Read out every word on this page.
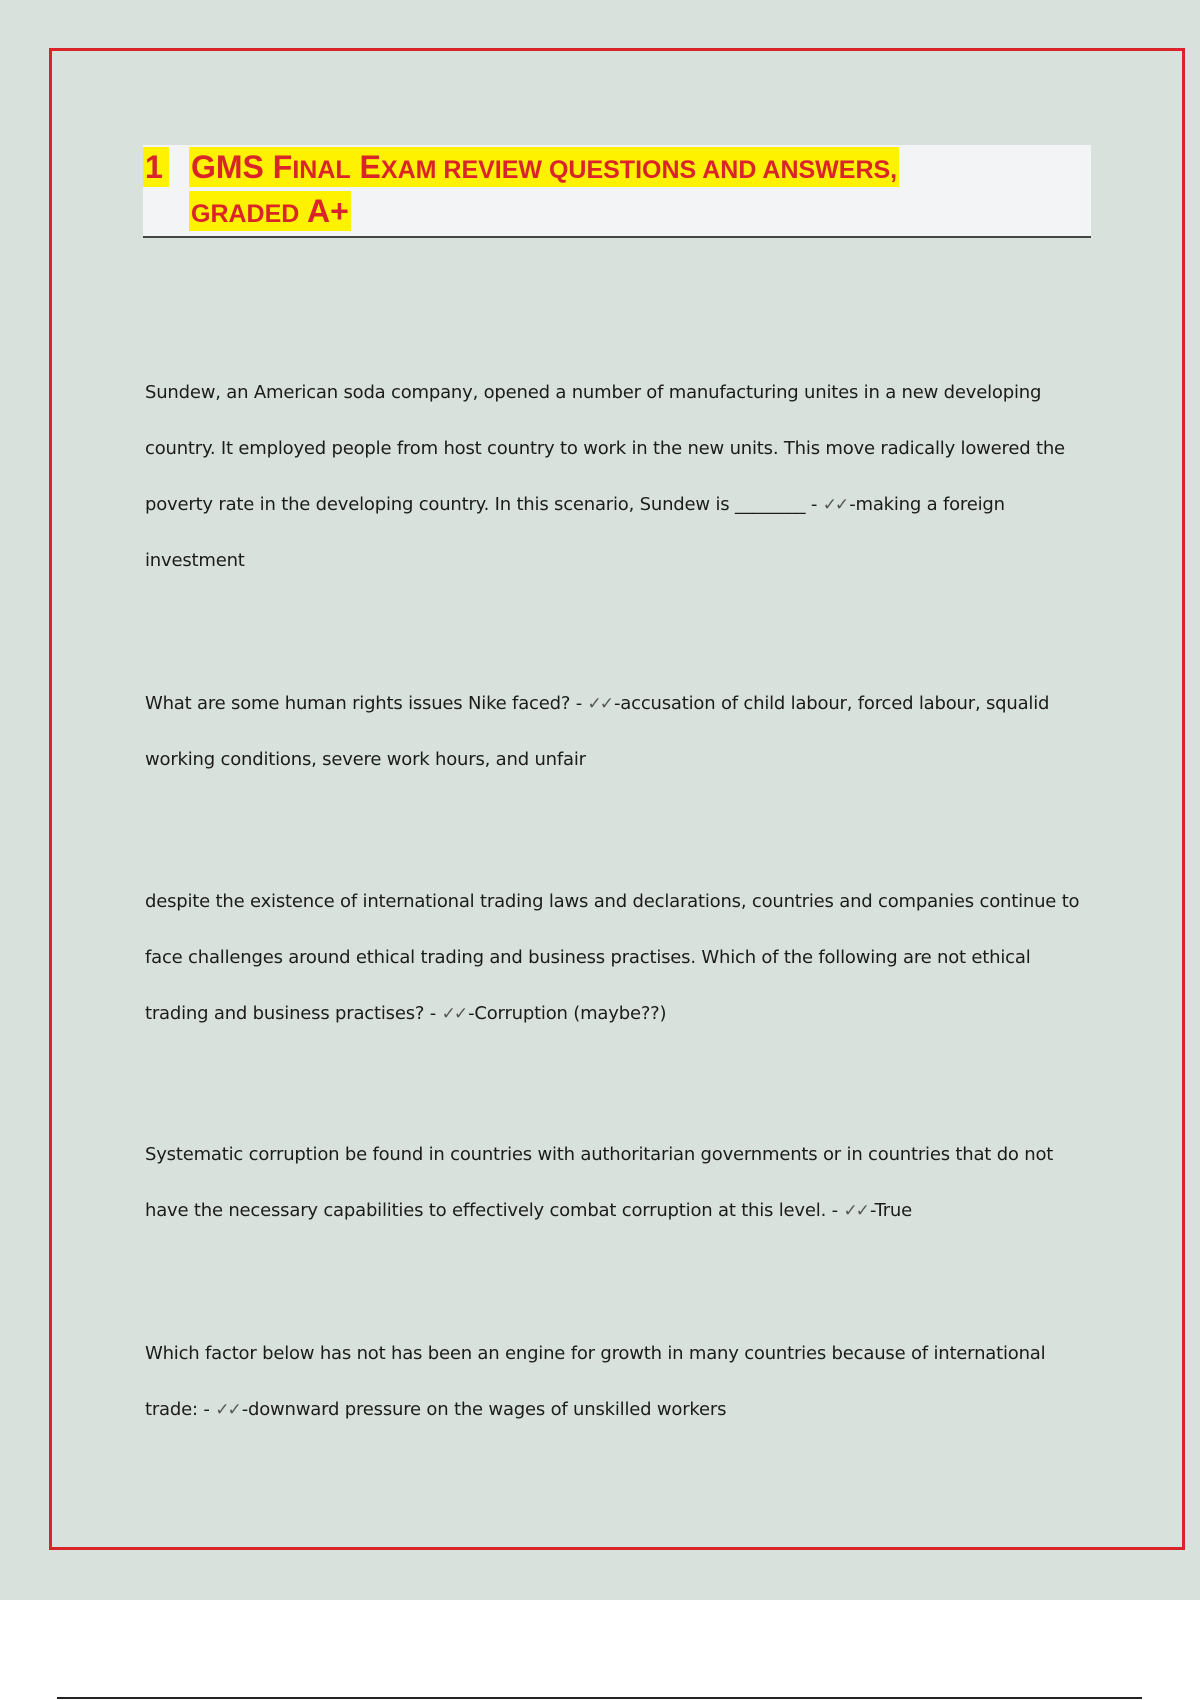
1 GMS FINAL EXAM REVIEW QUESTIONS AND ANSWERS,
GRADED A+
Sundew, an American soda company, opened a number of manufacturing unites in a new developing country. It employed people from host country to work in the new units. This move radically lowered the poverty rate in the developing country. In this scenario, Sundew is ________ - ✓✓ -making a foreign investment
What are some human rights issues Nike faced? - ✓✓ -accusation of child labour, forced labour, squalid working conditions, severe work hours, and unfair
despite the existence of international trading laws and declarations, countries and companies continue to face challenges around ethical trading and business practises. Which of the following are not ethical trading and business practises? - ✓✓ -Corruption (maybe??)
Systematic corruption be found in countries with authoritarian governments or in countries that do not have the necessary capabilities to effectively combat corruption at this level. - ✓✓ -True
Which factor below has not has been an engine for growth in many countries because of international trade: - ✓✓ -downward pressure on the wages of unskilled workers
